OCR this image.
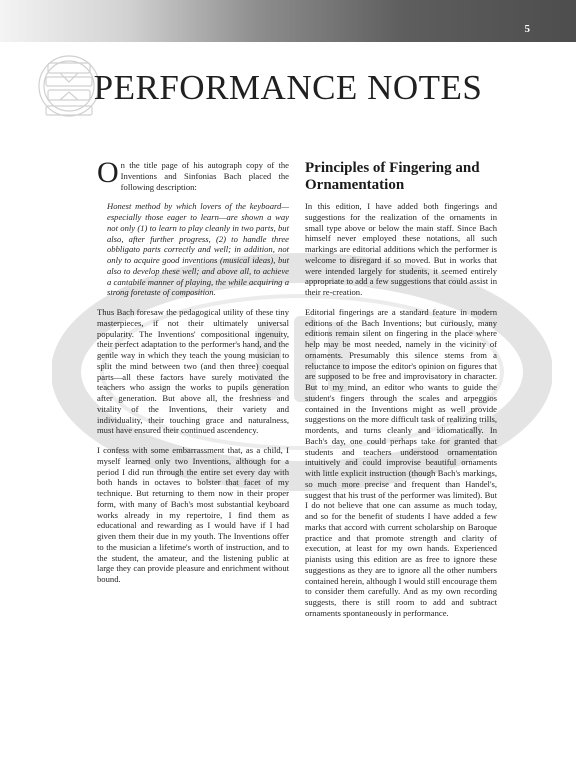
5
PERFORMANCE NOTES

On the title page of his autograph copy of the Inventions and Sinfonias Bach placed the following description:

Honest method by which lovers of the keyboard—especially those eager to learn—are shown a way not only (1) to learn to play cleanly in two parts, but also, after further progress, (2) to handle three obbligato parts correctly and well; in addition, not only to acquire good inventions (musical ideas), but also to develop these well; and above all, to achieve a cantabile manner of playing, the while acquiring a strong foretaste of composition.

Thus Bach foresaw the pedagogical utility of these tiny masterpieces, if not their ultimately universal popularity. The Inventions' compositional ingenuity, their perfect adaptation to the performer's hand, and the gentle way in which they teach the young musician to split the mind between two (and then three) coequal parts—all these factors have surely motivated the teachers who assign the works to pupils generation after generation. But above all, the freshness and vitality of the Inventions, their variety and individuality, their touching grace and naturalness, must have ensured their continued ascendency.

I confess with some embarrassment that, as a child, I myself learned only two Inventions, although for a period I did run through the entire set every day with both hands in octaves to bolster that facet of my technique. But returning to them now in their proper form, with many of Bach's most substantial keyboard works already in my repertoire, I find them as educational and rewarding as I would have if I had given them their due in my youth. The Inventions offer to the musician a lifetime's worth of instruction, and to the student, the amateur, and the listening public at large they can provide pleasure and enrichment without bound.

Principles of Fingering and Ornamentation

In this edition, I have added both fingerings and suggestions for the realization of the ornaments in small type above or below the main staff. Since Bach himself never employed these notations, all such markings are editorial additions which the performer is welcome to disregard if so moved. But in works that were intended largely for students, it seemed entirely appropriate to add a few suggestions that could assist in their re-creation.

Editorial fingerings are a standard feature in modern editions of the Bach Inventions; but curiously, many editions remain silent on fingering in the place where help may be most needed, namely in the vicinity of ornaments. Presumably this silence stems from a reluctance to impose the editor's opinion on figures that are supposed to be free and improvisatory in character. But to my mind, an editor who wants to guide the student's fingers through the scales and arpeggios contained in the Inventions might as well provide suggestions on the more difficult task of realizing trills, mordents, and turns cleanly and idiomatically. In Bach's day, one could perhaps take for granted that students and teachers understood ornamentation intuitively and could improvise beautiful ornaments with little explicit instruction (though Bach's markings, so much more precise and frequent than Handel's, suggest that his trust of the performer was limited). But I do not believe that one can assume as much today, and so for the benefit of students I have added a few marks that accord with current scholarship on Baroque practice and that promote strength and clarity of execution, at least for my own hands. Experienced pianists using this edition are as free to ignore these suggestions as they are to ignore all the other numbers contained herein, although I would still encourage them to consider them carefully. And as my own recording suggests, there is still room to add and subtract ornaments spontaneously in performance.
